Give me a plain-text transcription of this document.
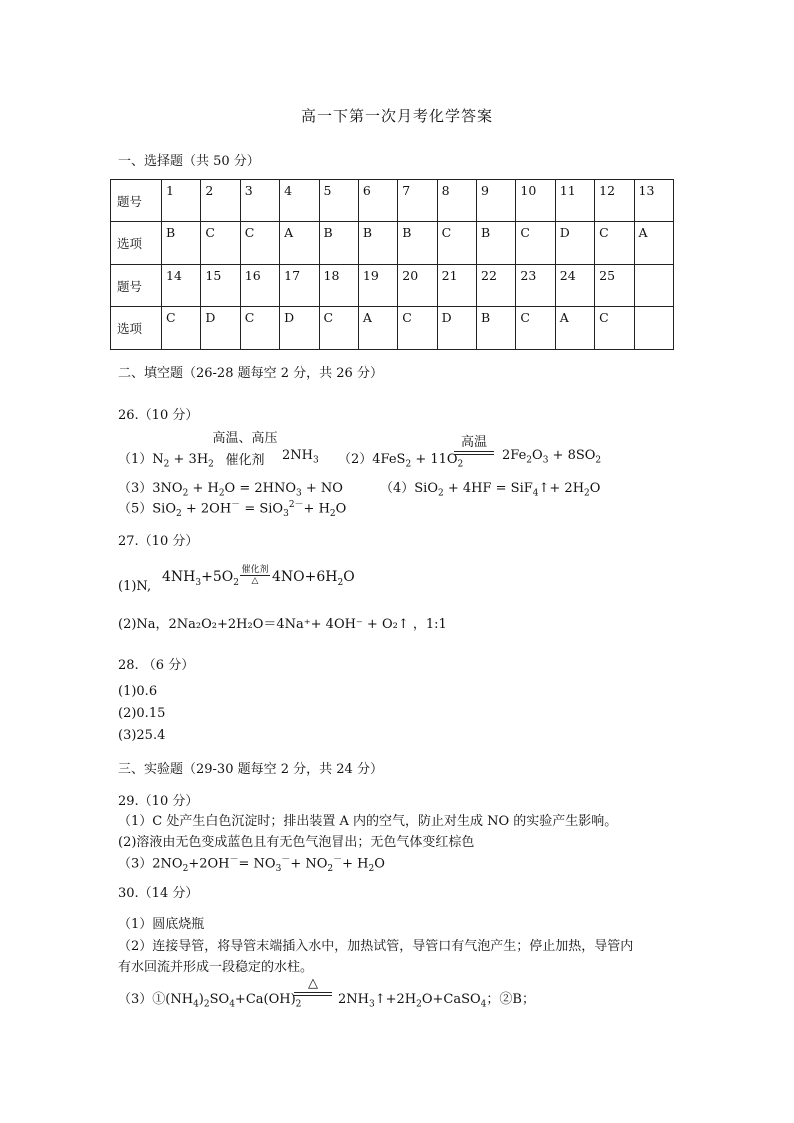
高一下第一次月考化学答案
一、选择题（共 50 分）
题号	1	2	3	4	5	6	7	8	9	10	11	12	13
选项	B	C	C	A	B	B	B	C	B	C	D	C	A
题号	14	15	16	17	18	19	20	21	22	23	24	25	
选项	C	D	C	D	C	A	C	D	B	C	A	C	
二、填空题（26-28 题每空 2 分，共 26 分）
26.（10 分）
$(1)N_2 + 3H_2$
高温、高压
催化剂	$2NH_3$ $(2)4FeS_2 + 11O_2$
高温
$2Fe_2O_3 + 8SO_2$
$(3)3NO_2 + H_2O = 2HNO_3$ + NO	（4）SiO$_2$ + 4HF = SiF$_4$↑+ $2H_2O$
$(5)SiO_2 + 2OH^- = SiO_3^{2-}+ H_2O$
27.（10 分）
(1)N,
$4NH_3+5O_2$
催化剂
△ $4NO+6H_2O$
(2)Na，2Na₂O₂+2H₂O＝4Na⁺+ 4OH⁻ + O₂↑ ，1:1
28. （6 分）
(1)0.6
(2)0.15
(3)25.4
三、实验题（29-30 题每空 2 分，共 24 分）
29.（10 分）
（1）C 处产生白色沉淀时；排出装置 A 内的空气，防止对生成 NO 的实验产生影响。
(2)溶液由无色变成蓝色且有无色气泡冒出；无色气体变红棕色
$(3)2NO_2+2OH^-= NO_3^-+ NO_2^-+ H_2O$
30.（14 分）
（1）圆底烧瓶
（2）连接导管，将导管末端插入水中，加热试管，导管口有气泡产生；停止加热，导管内
有水回流并形成一段稳定的水柱。
$(3)①(NH_4)_2SO_4+Ca(OH)_2$
△
$2NH_3↑+2H_2O+CaSO_4$；②B；
